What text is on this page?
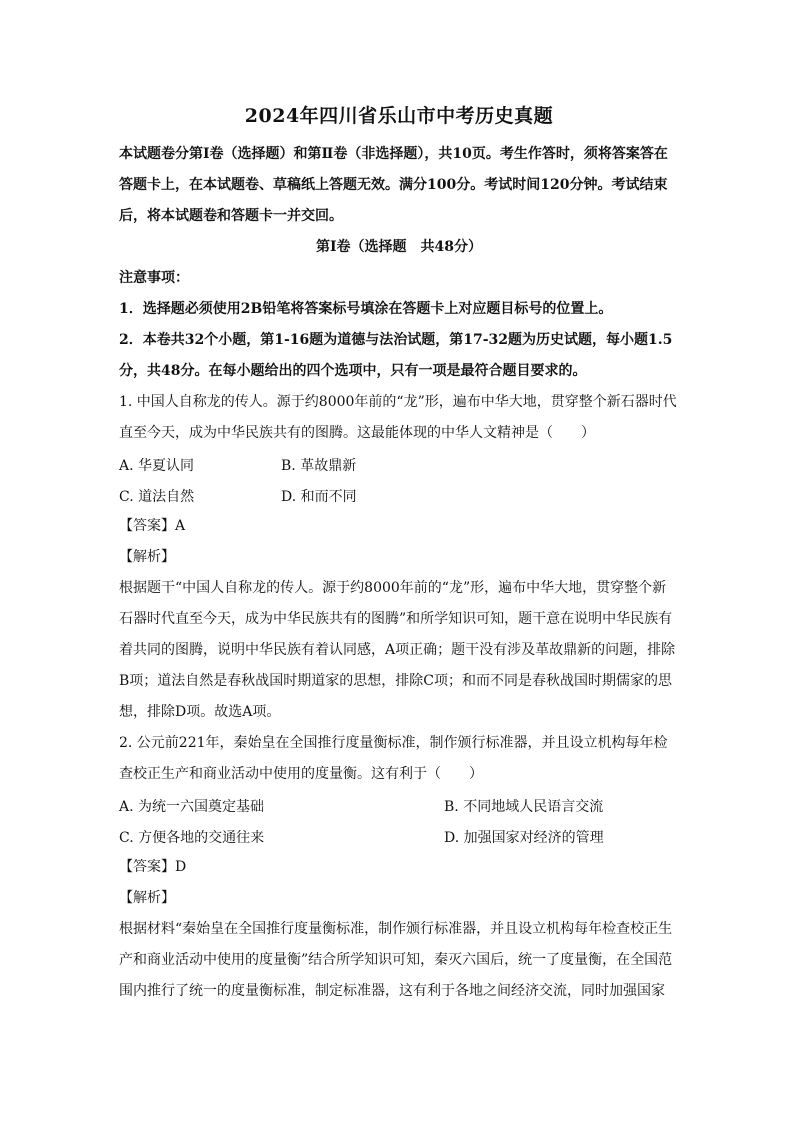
2024年四川省乐山市中考历史真题

本试题卷分第Ⅰ卷（选择题）和第Ⅱ卷（非选择题），共10页。考生作答时，须将答案答在答题卡上，在本试题卷、草稿纸上答题无效。满分100分。考试时间120分钟。考试结束后，将本试题卷和答题卡一并交回。

第Ⅰ卷（选择题　共48分）

注意事项：

1．选择题必须使用2B铅笔将答案标号填涂在答题卡上对应题目标号的位置上。

2．本卷共32个小题，第1-16题为道德与法治试题，第17-32题为历史试题，每小题1.5分，共48分。在每小题给出的四个选项中，只有一项是最符合题目要求的。

1. 中国人自称龙的传人。源于约8000年前的“龙”形，遍布中华大地，贯穿整个新石器时代直至今天，成为中华民族共有的图腾。这最能体现的中华人文精神是（　　）

A. 华夏认同	B. 革故鼎新
C. 道法自然	D. 和而不同

【答案】A

【解析】

根据题干“中国人自称龙的传人。源于约8000年前的“龙”形，遍布中华大地，贯穿整个新石器时代直至今天，成为中华民族共有的图腾”和所学知识可知，题干意在说明中华民族有着共同的图腾，说明中华民族有着认同感，A项正确；题干没有涉及革故鼎新的问题，排除B项；道法自然是春秋战国时期道家的思想，排除C项；和而不同是春秋战国时期儒家的思想，排除D项。故选A项。

2. 公元前221年，秦始皇在全国推行度量衡标准，制作颁行标准器，并且设立机构每年检查校正生产和商业活动中使用的度量衡。这有利于（　　）

A. 为统一六国奠定基础	B. 不同地域人民语言交流
C. 方便各地的交通往来	D. 加强国家对经济的管理

【答案】D

【解析】

根据材料“秦始皇在全国推行度量衡标准，制作颁行标准器，并且设立机构每年检查校正生产和商业活动中使用的度量衡”结合所学知识可知，秦灭六国后，统一了度量衡，在全国范围内推行了统一的度量衡标准，制定标准器，这有利于各地之间经济交流，同时加强国家
